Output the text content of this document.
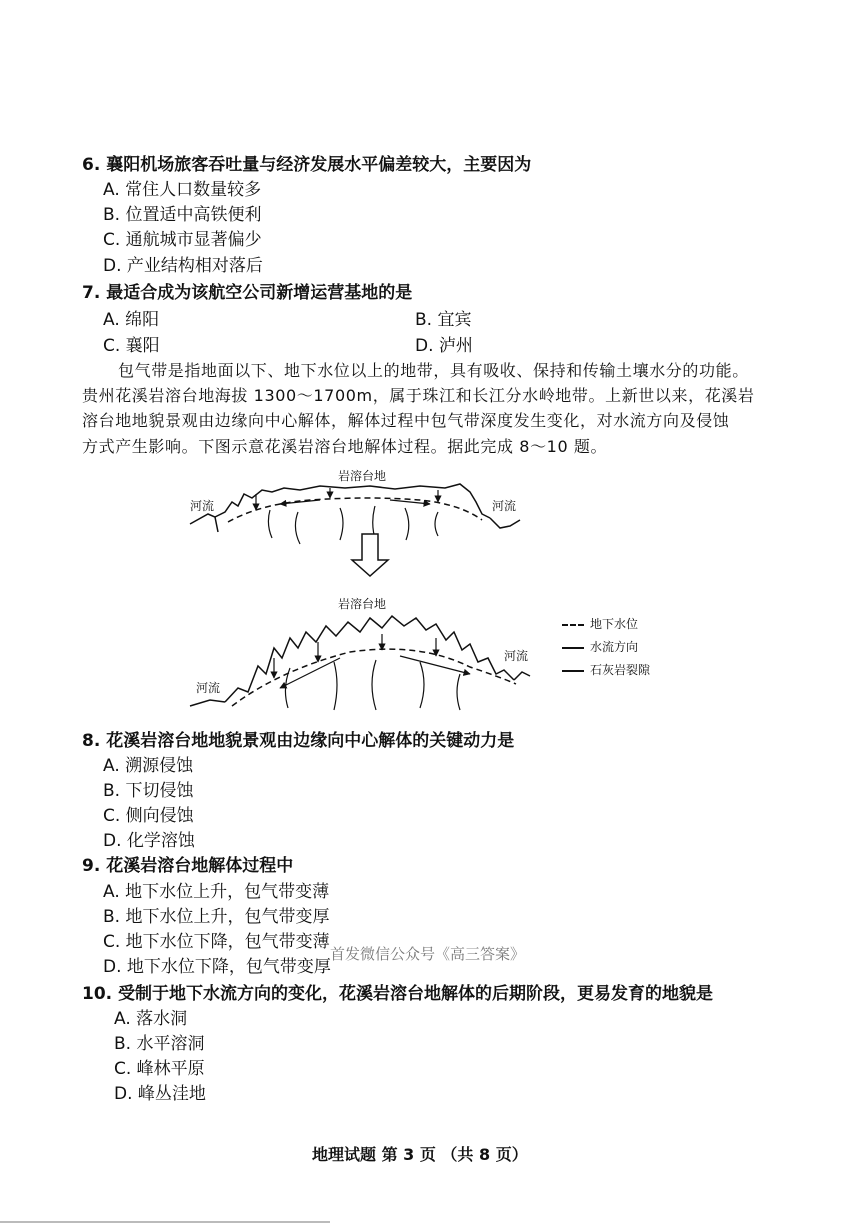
6. 襄阳机场旅客吞吐量与经济发展水平偏差较大，主要因为
A. 常住人口数量较多
B. 位置适中高铁便利
C. 通航城市显著偏少
D. 产业结构相对落后
7. 最适合成为该航空公司新增运营基地的是
A. 绵阳	B. 宜宾
C. 襄阳	D. 泸州
包气带是指地面以下、地下水位以上的地带，具有吸收、保持和传输土壤水分的功能。
贵州花溪岩溶台地海拔 1300～1700m，属于珠江和长江分水岭地带。上新世以来，花溪岩
溶台地地貌景观由边缘向中心解体，解体过程中包气带深度发生变化，对水流方向及侵蚀
方式产生影响。下图示意花溪岩溶台地解体过程。据此完成 8～10 题。
岩溶台地
河流	河流
岩溶台地
河流
河流
地下水位
水流方向
石灰岩裂隙
8. 花溪岩溶台地地貌景观由边缘向中心解体的关键动力是
A. 溯源侵蚀
B. 下切侵蚀
C. 侧向侵蚀
D. 化学溶蚀
9. 花溪岩溶台地解体过程中
A. 地下水位上升，包气带变薄
B. 地下水位上升，包气带变厚
C. 地下水位下降，包气带变薄
首发微信公众号《高三答案》
D. 地下水位下降，包气带变厚
10. 受制于地下水流方向的变化，花溪岩溶台地解体的后期阶段，更易发育的地貌是
A. 落水洞
B. 水平溶洞
C. 峰林平原
D. 峰丛洼地
地理试题 第 3 页 （共 8 页）
